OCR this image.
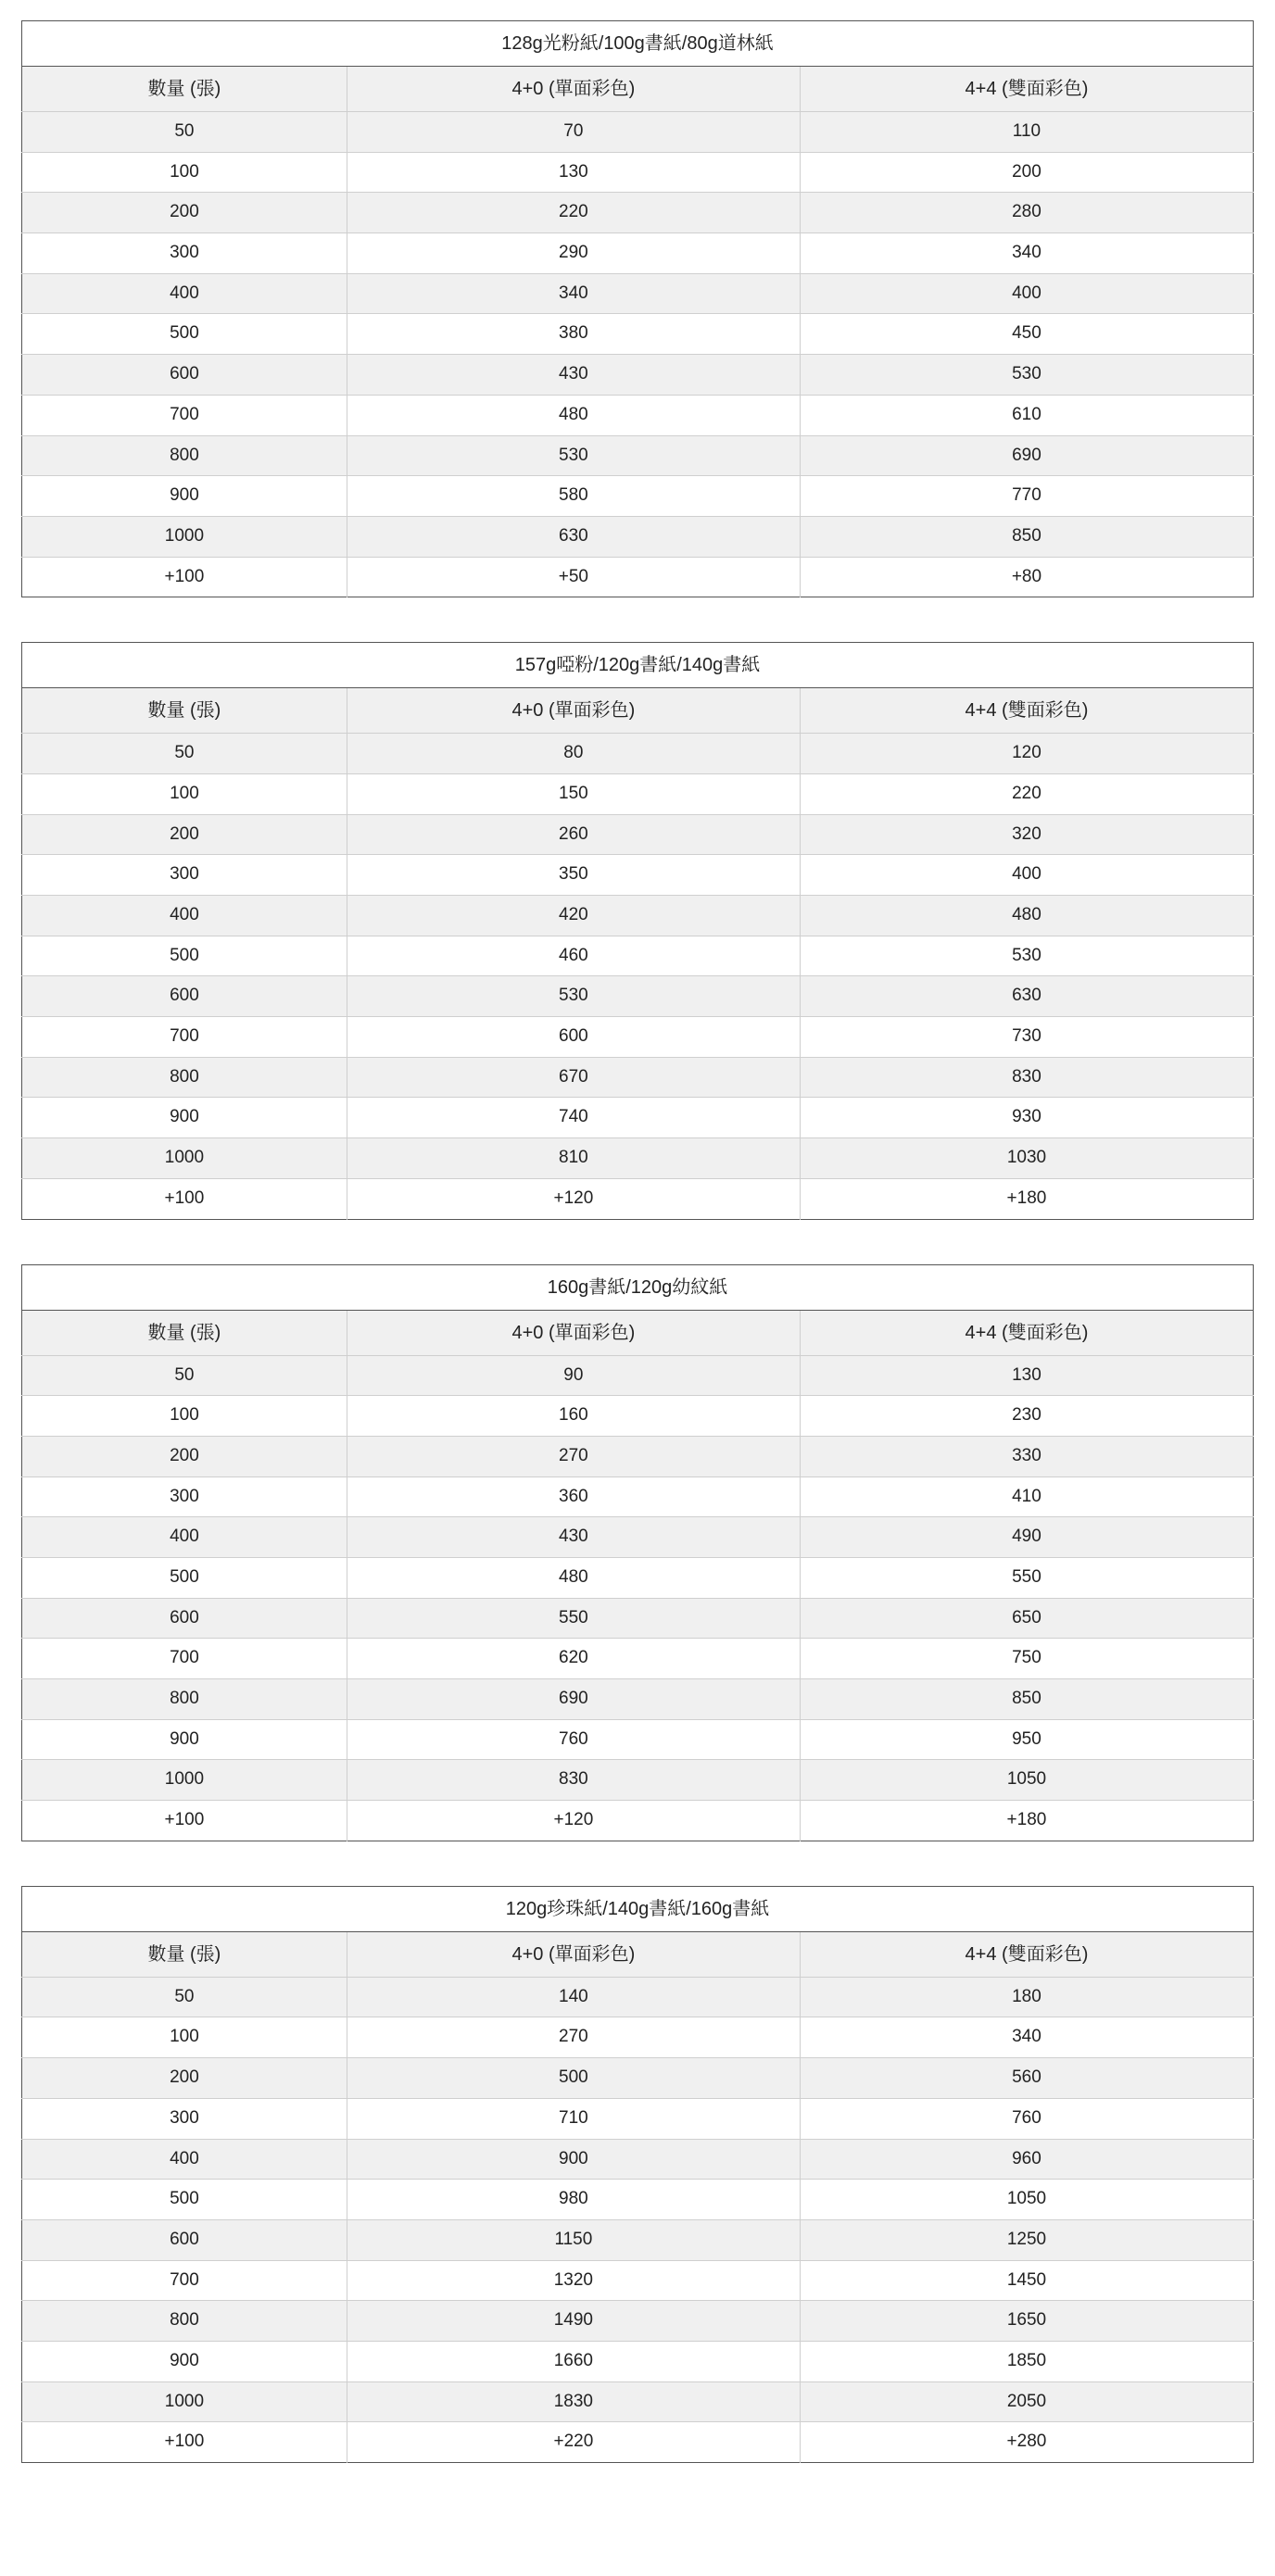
128g光粉紙/100g書紙/80g道林紙		
數量 (張)	4+0 (單面彩色)	4+4 (雙面彩色)
50	70	110
100	130	200
200	220	280
300	290	340
400	340	400
500	380	450
600	430	530
700	480	610
800	530	690
900	580	770
1000	630	850
+100	+50	+80
157g啞粉/120g書紙/140g書紙		
數量 (張)	4+0 (單面彩色)	4+4 (雙面彩色)
50	80	120
100	150	220
200	260	320
300	350	400
400	420	480
500	460	530
600	530	630
700	600	730
800	670	830
900	740	930
1000	810	1030
+100	+120	+180
160g書紙/120g幼紋紙		
數量 (張)	4+0 (單面彩色)	4+4 (雙面彩色)
50	90	130
100	160	230
200	270	330
300	360	410
400	430	490
500	480	550
600	550	650
700	620	750
800	690	850
900	760	950
1000	830	1050
+100	+120	+180
120g珍珠紙/140g書紙/160g書紙		
數量 (張)	4+0 (單面彩色)	4+4 (雙面彩色)
50	140	180
100	270	340
200	500	560
300	710	760
400	900	960
500	980	1050
600	1150	1250
700	1320	1450
800	1490	1650
900	1660	1850
1000	1830	2050
+100	+220	+280
